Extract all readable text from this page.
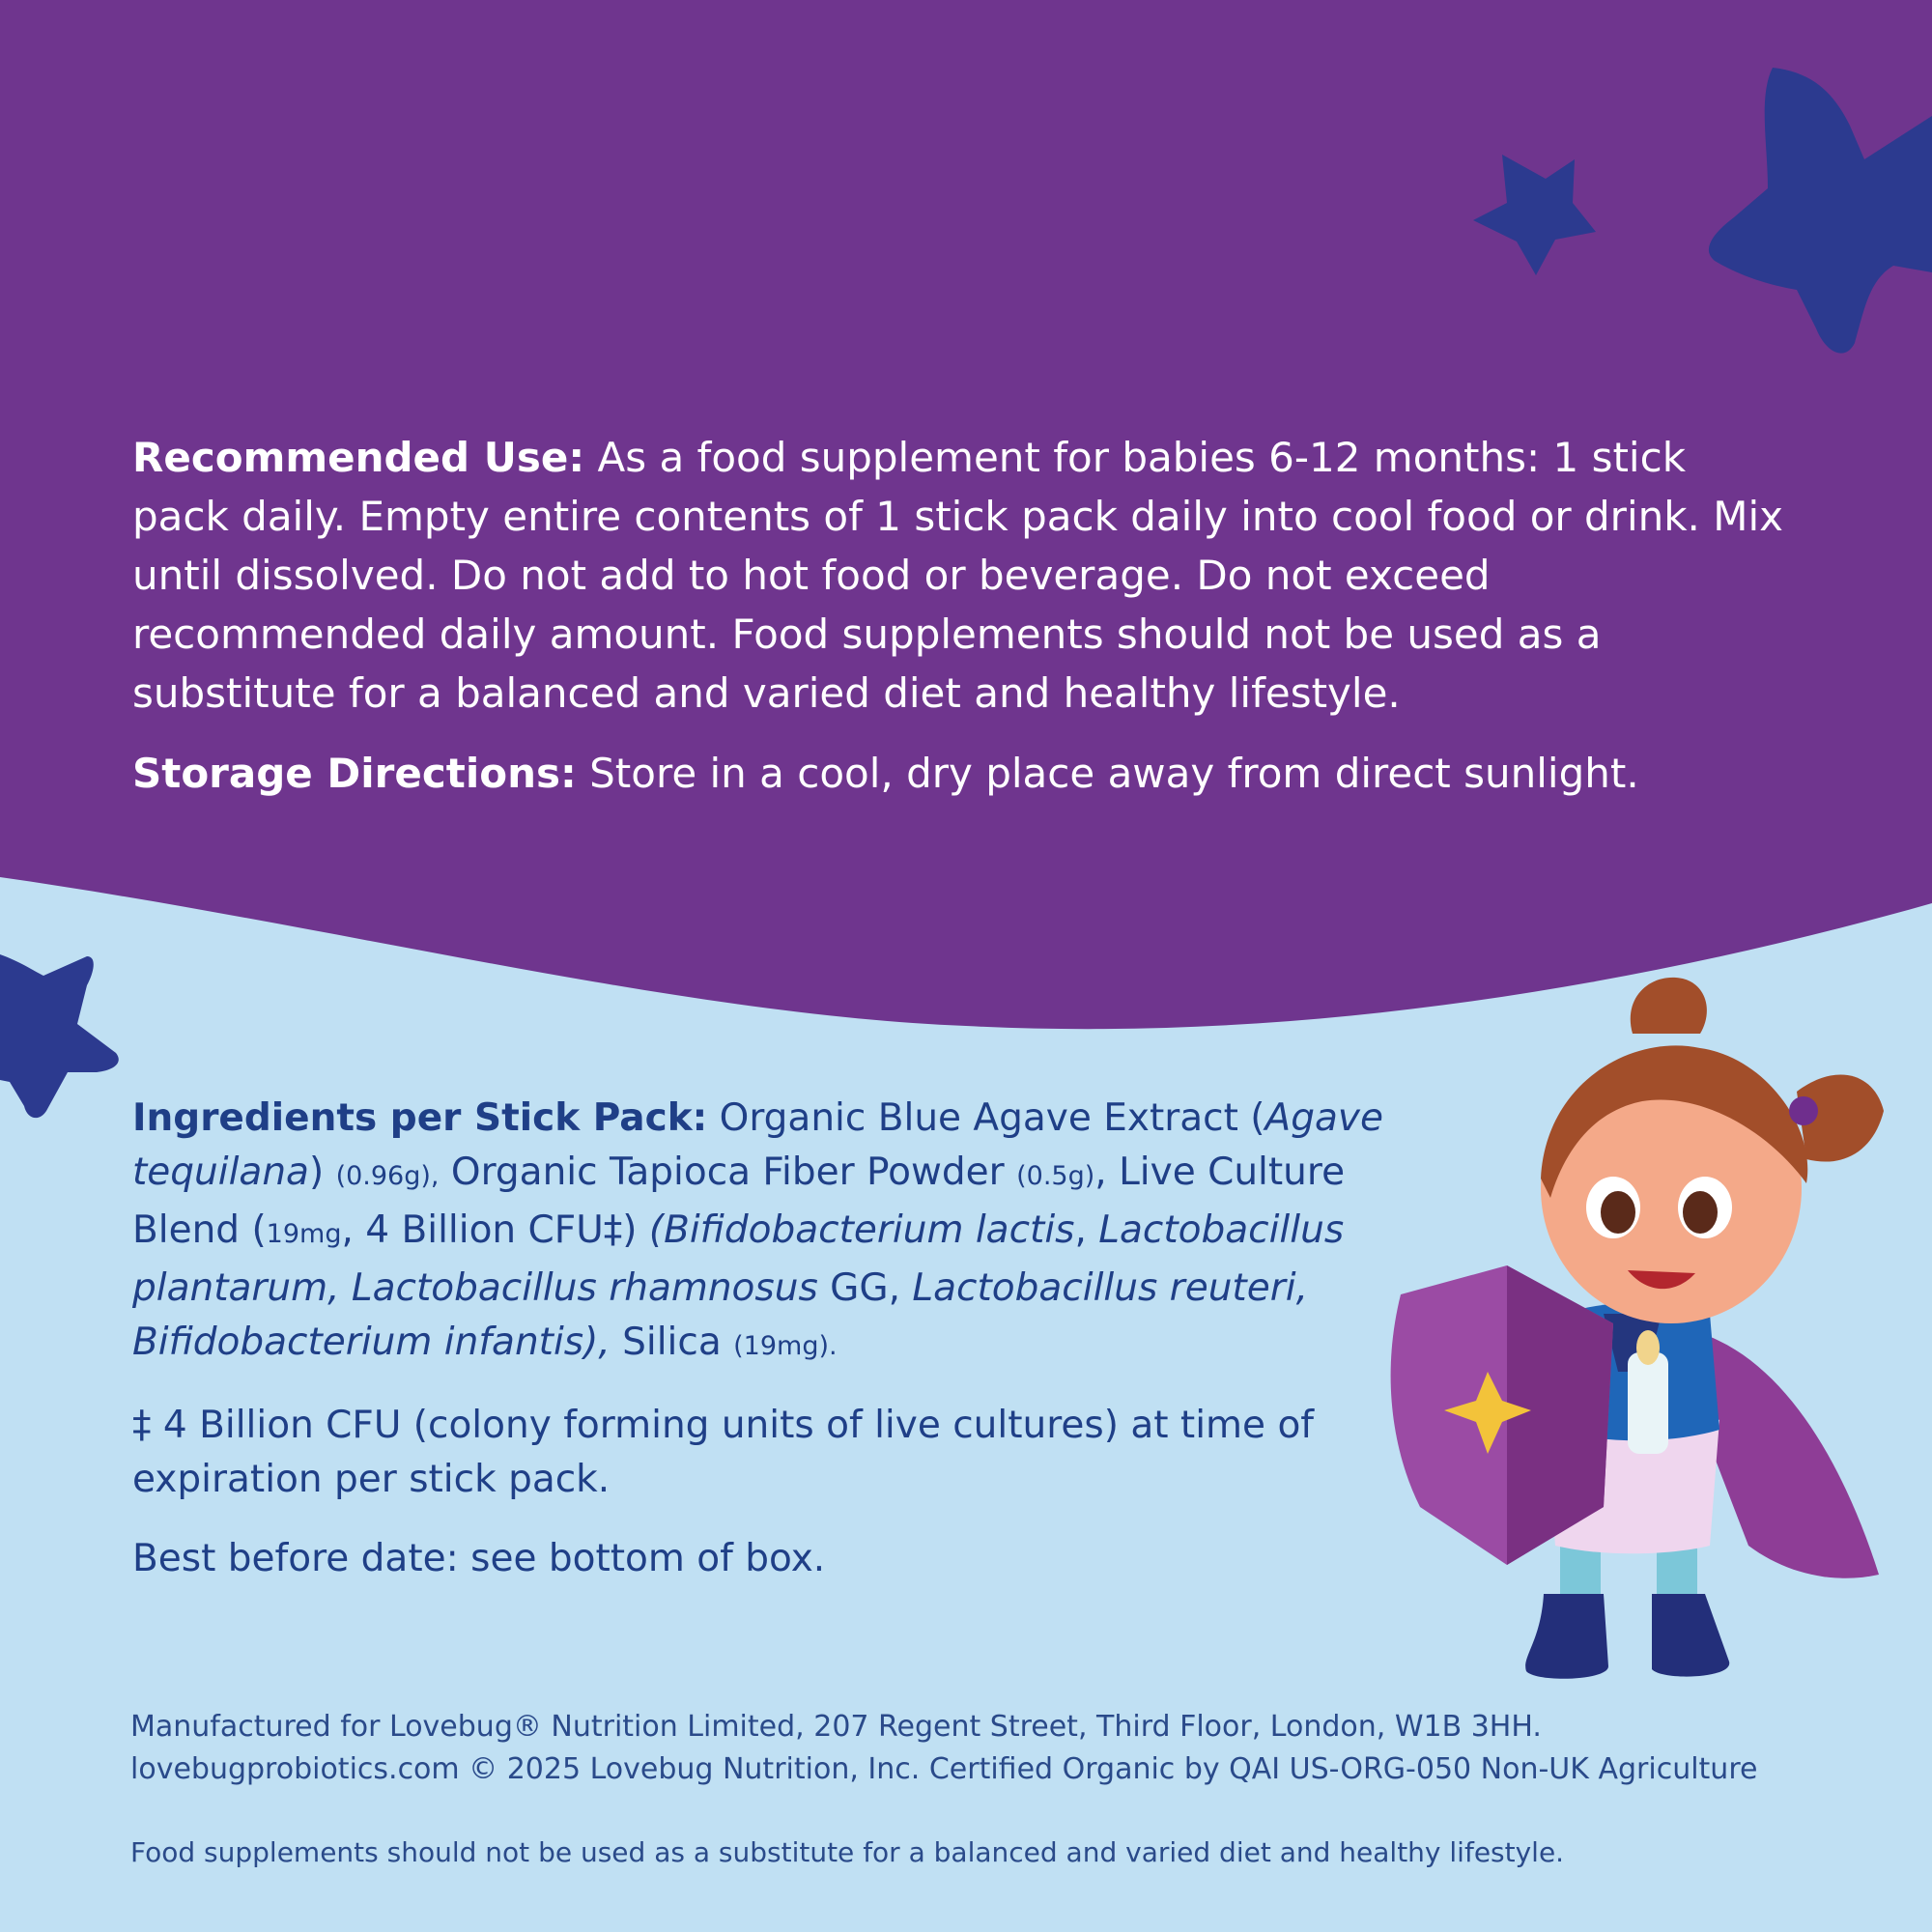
Recommended Use: As a food supplement for babies 6-12 months: 1 stick pack daily. Empty entire contents of 1 stick pack daily into cool food or drink. Mix until dissolved. Do not add to hot food or beverage. Do not exceed recommended daily amount. Food supplements should not be used as a substitute for a balanced and varied diet and healthy lifestyle.

Storage Directions: Store in a cool, dry place away from direct sunlight.

Ingredients per Stick Pack: Organic Blue Agave Extract (Agave tequilana) (0.96g), Organic Tapioca Fiber Powder (0.5g), Live Culture Blend (19mg, 4 Billion CFU‡) (Bifidobacterium lactis, Lactobacillus plantarum, Lactobacillus rhamnosus GG, Lactobacillus reuteri, Bifidobacterium infantis), Silica (19mg).

‡ 4 Billion CFU (colony forming units of live cultures) at time of expiration per stick pack.

Best before date: see bottom of box.

Manufactured for Lovebug® Nutrition Limited, 207 Regent Street, Third Floor, London, W1B 3HH.
lovebugprobiotics.com © 2025 Lovebug Nutrition, Inc. Certified Organic by QAI US-ORG-050 Non-UK Agriculture
Food supplements should not be used as a substitute for a balanced and varied diet and healthy lifestyle.
